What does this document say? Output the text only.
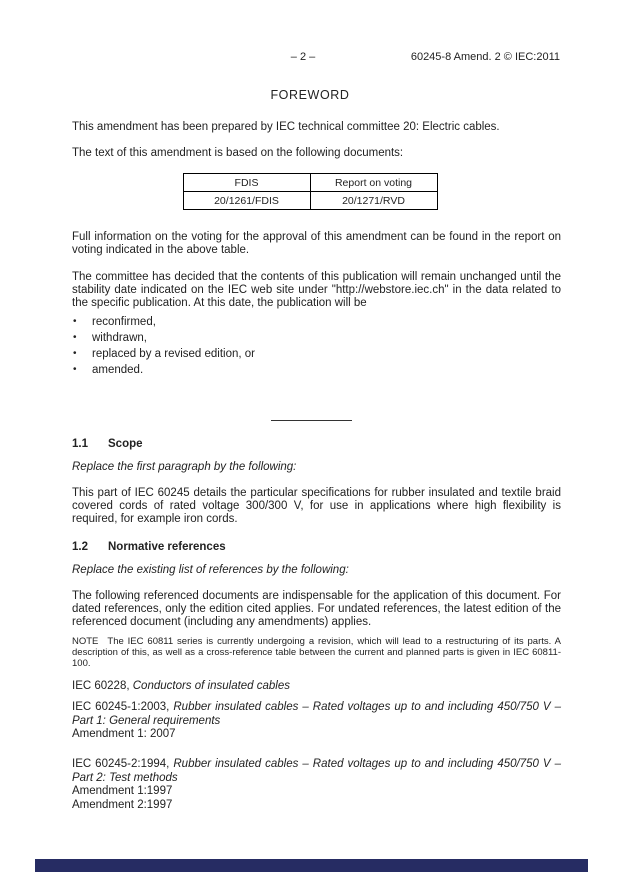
– 2 –	60245-8 Amend. 2 © IEC:2011
FOREWORD
This amendment has been prepared by IEC technical committee 20: Electric cables.
The text of this amendment is based on the following documents:
FDIS	Report on voting
20/1261/FDIS	20/1271/RVD
Full information on the voting for the approval of this amendment can be found in the report on voting indicated in the above table.
The committee has decided that the contents of this publication will remain unchanged until the stability date indicated on the IEC web site under "http://webstore.iec.ch" in the data related to the specific publication. At this date, the publication will be
• reconfirmed,
• withdrawn,
• replaced by a revised edition, or
• amended.
1.1 Scope
Replace the first paragraph by the following:
This part of IEC 60245 details the particular specifications for rubber insulated and textile braid covered cords of rated voltage 300/300 V, for use in applications where high flexibility is required, for example iron cords.
1.2 Normative references
Replace the existing list of references by the following:
The following referenced documents are indispensable for the application of this document. For dated references, only the edition cited applies. For undated references, the latest edition of the referenced document (including any amendments) applies.
NOTE The IEC 60811 series is currently undergoing a revision, which will lead to a restructuring of its parts. A description of this, as well as a cross-reference table between the current and planned parts is given in IEC 60811-100.
IEC 60228, Conductors of insulated cables
IEC 60245-1:2003, Rubber insulated cables – Rated voltages up to and including 450/750 V – Part 1: General requirements
Amendment 1: 2007
IEC 60245-2:1994, Rubber insulated cables – Rated voltages up to and including 450/750 V – Part 2: Test methods
Amendment 1:1997
Amendment 2:1997
